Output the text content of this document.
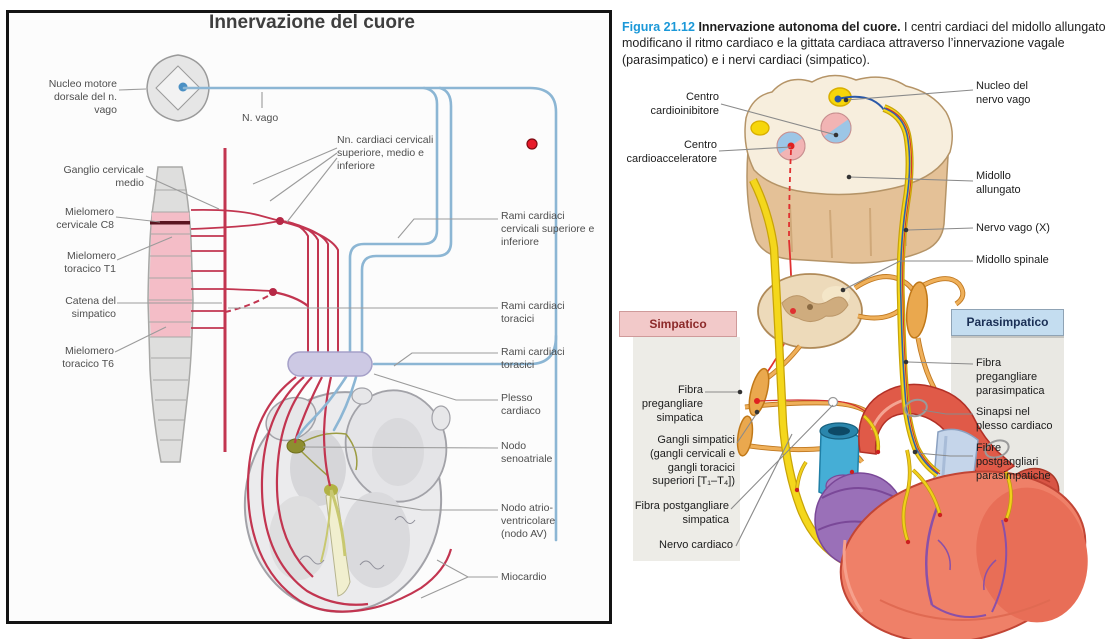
Innervazione del cuore
Nucleo motore dorsale del n. vago
N. vago
Ganglio cervicale medio
Mielomero cervicale C8
Mielomero toracico T1
Catena del simpatico
Mielomero toracico T6
Nn. cardiaci cervicali superiore, medio e inferiore
Rami cardiaci cervicali superiore e inferiore
Rami cardiaci toracici
Rami cardiaci toracici
Plesso cardiaco
Nodo senoatriale
Nodo atrio-ventricolare (nodo AV)
Miocardio

Figura 21.12 Innervazione autonoma del cuore. I centri cardiaci del midollo allungato modificano il ritmo cardiaco e la gittata cardiaca attraverso l’innervazione vagale (parasimpatico) e i nervi cardiaci (simpatico).

Simpatico	Parasimpatico
Centro cardioinibitore
Centro cardioacceleratore
Nucleo del nervo vago
Midollo allungato
Nervo vago (X)
Midollo spinale
Fibra pregangliare simpatica
Gangli simpatici (gangli cervicali e gangli toracici superiori [T₁–T₄])
Fibra postgangliare simpatica
Nervo cardiaco
Fibra pregangliare parasimpatica
Sinapsi nel plesso cardiaco
Fibre postgangliari parasimpatiche
